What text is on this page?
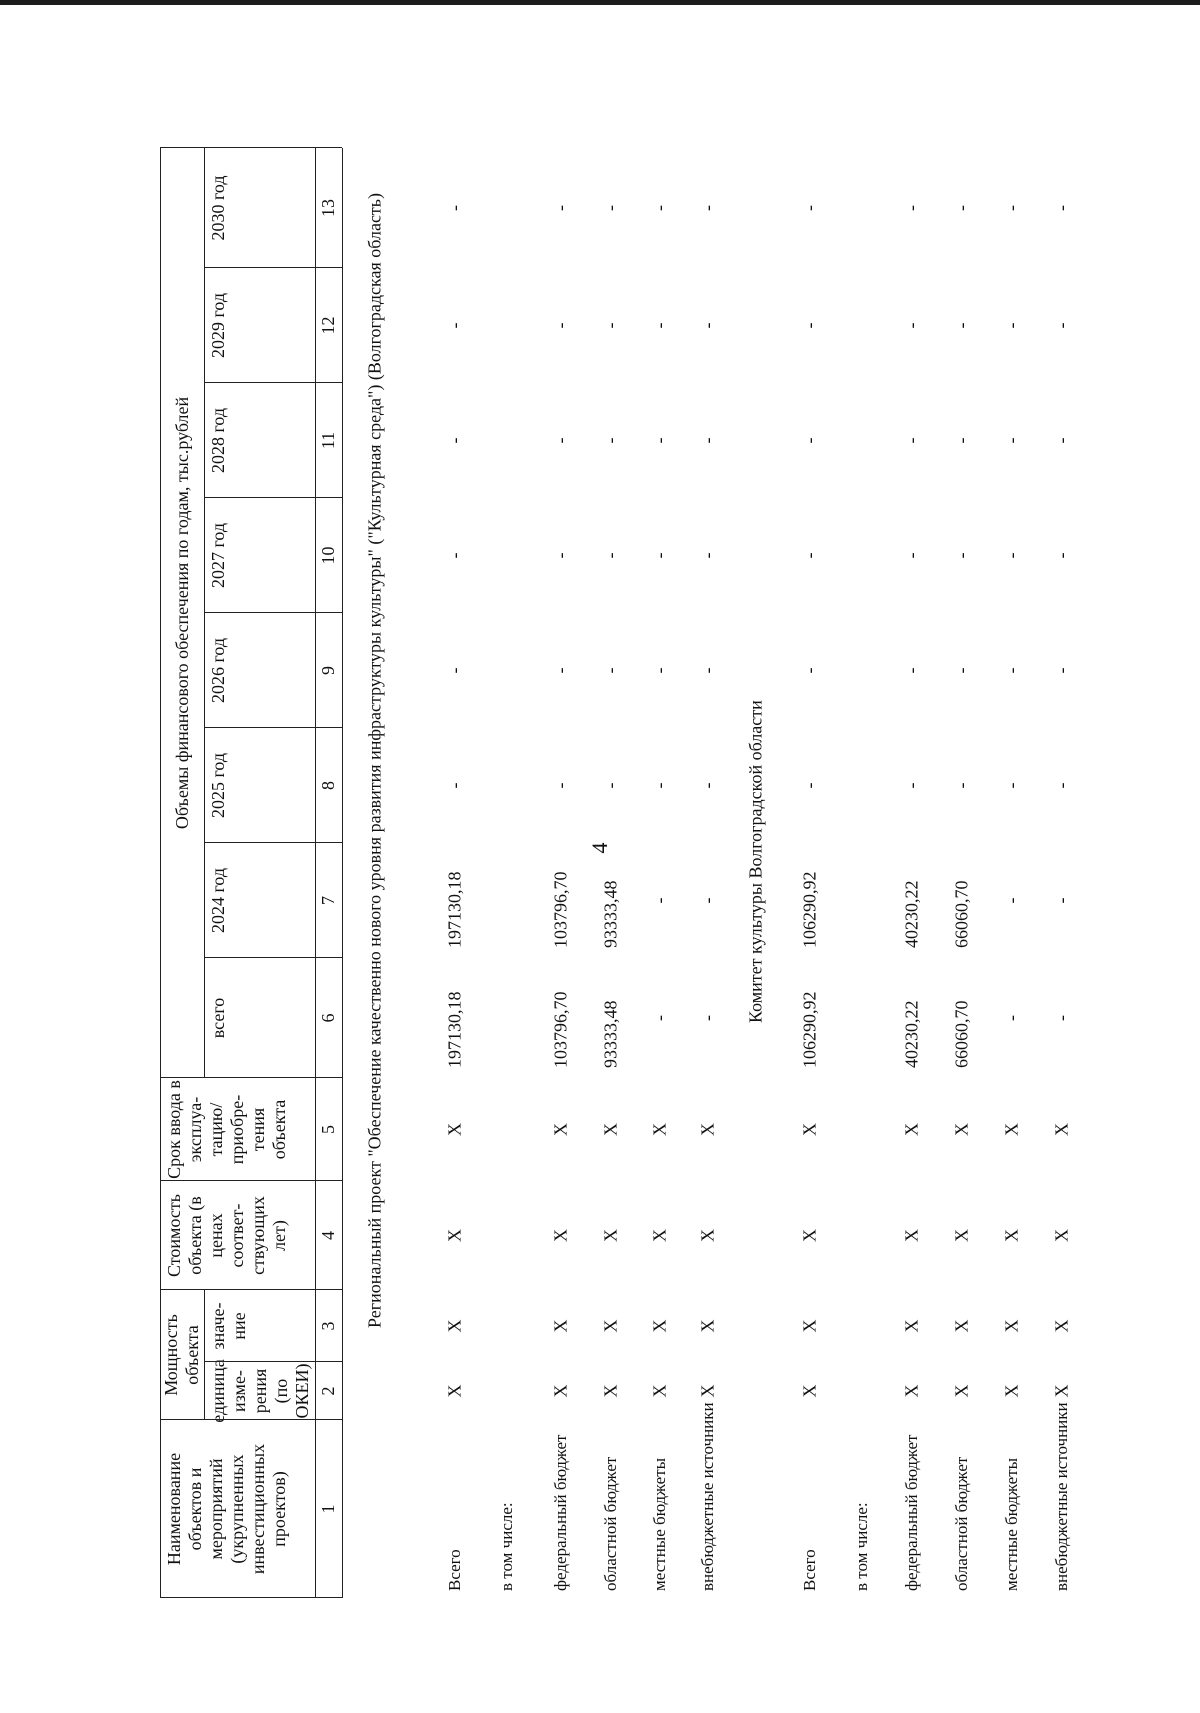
4
Наименование объектов и мероприятий (укрупненных инвестиционных проектов)
Мощность объекта
единица изме- рения (по ОКЕИ)
значе- ние
Стоимость объекта (в ценах соответ- ствующих лет)
Срок ввода в эксплуа- тацию/ приобре- тения объекта
Объемы финансового обеспечения по годам, тыс.рублей
всего
2024 год
2025 год
2026 год
2027 год
2028 год
2029 год
2030 год
1
2
3
4
5
6
7
8
9
10
11
12
13 Региональный проект "Обеспечение качественно нового уровня развития инфраструктуры культуры" ("Культурная среда") (Волгоградская область)
Всего
X
X
X
X
197130,18
197130,18
-
-
-
-
-
-
в том числе: федеральный бюджет
X
X
X
X
103796,70
103796,70
-
-
-
-
-
-
областной бюджет
X
X
X
X
93333,48
93333,48
-
-
-
-
-
-
местные бюджеты
X
X
X
X
-
-
-
-
-
-
-
-
внебюджетные источники
X
X
X
X
-
-
-
-
-
-
-
-
Комитет культуры Волгоградской области
Всего
X
X
X
X
106290,92
106290,92
-
-
-
-
-
-
в том числе: федеральный бюджет
X
X
X
X
40230,22
40230,22
-
-
-
-
-
-
областной бюджет
X
X
X
X
66060,70
66060,70
-
-
-
-
-
-
местные бюджеты
X
X
X
X
-
-
-
-
-
-
-
-
внебюджетные источники
X
X
X
X
-
-
-
-
-
-
-
-
